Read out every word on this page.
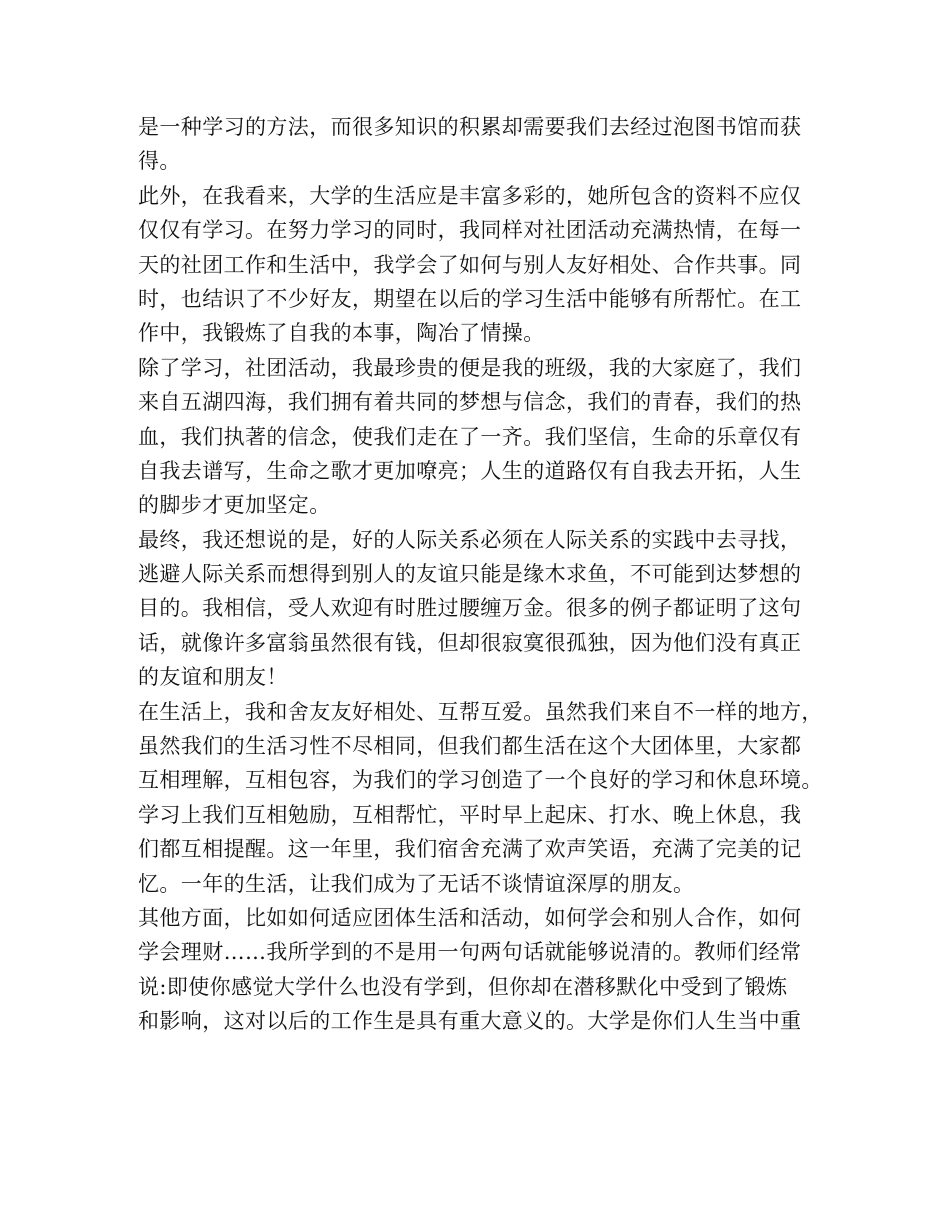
是一种学习的方法，而很多知识的积累却需要我们去经过泡图书馆而获
得。
此外，在我看来，大学的生活应是丰富多彩的，她所包含的资料不应仅
仅仅有学习。在努力学习的同时，我同样对社团活动充满热情，在每一
天的社团工作和生活中，我学会了如何与别人友好相处、合作共事。同
时，也结识了不少好友，期望在以后的学习生活中能够有所帮忙。在工
作中，我锻炼了自我的本事，陶冶了情操。
除了学习，社团活动，我最珍贵的便是我的班级，我的大家庭了，我们
来自五湖四海，我们拥有着共同的梦想与信念，我们的青春，我们的热
血，我们执著的信念，使我们走在了一齐。我们坚信，生命的乐章仅有
自我去谱写，生命之歌才更加嘹亮；人生的道路仅有自我去开拓，人生
的脚步才更加坚定。
最终，我还想说的是，好的人际关系必须在人际关系的实践中去寻找，
逃避人际关系而想得到别人的友谊只能是缘木求鱼，不可能到达梦想的
目的。我相信，受人欢迎有时胜过腰缠万金。很多的例子都证明了这句
话，就像许多富翁虽然很有钱，但却很寂寞很孤独，因为他们没有真正
的友谊和朋友！
在生活上，我和舍友友好相处、互帮互爱。虽然我们来自不一样的地方，
虽然我们的生活习性不尽相同，但我们都生活在这个大团体里，大家都
互相理解，互相包容，为我们的学习创造了一个良好的学习和休息环境。
学习上我们互相勉励，互相帮忙，平时早上起床、打水、晚上休息，我
们都互相提醒。这一年里，我们宿舍充满了欢声笑语，充满了完美的记
忆。一年的生活，让我们成为了无话不谈情谊深厚的朋友。
其他方面，比如如何适应团体生活和活动，如何学会和别人合作，如何
学会理财……我所学到的不是用一句两句话就能够说清的。教师们经常
说:即使你感觉大学什么也没有学到，但你却在潜移默化中受到了锻炼
和影响，这对以后的工作生是具有重大意义的。大学是你们人生当中重
